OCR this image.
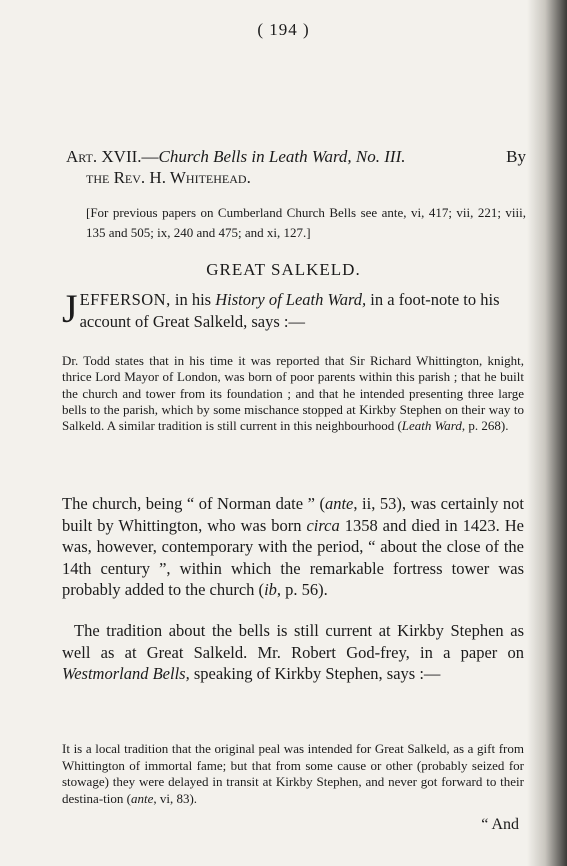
( 194 )
By
Art. XVII.—Church Bells in Leath Ward, No. III.
the Rev. H. Whitehead.
[For previous papers on Cumberland Church Bells see ante, vi, 417; vii, 221; viii, 135 and 505; ix, 240 and 475; and xi, 127.]
GREAT SALKELD.
JEFFERSON, in his History of Leath Ward, in a foot-note to his account of Great Salkeld, says :—
Dr. Todd states that in his time it was reported that Sir Richard Whittington, knight, thrice Lord Mayor of London, was born of poor parents within this parish ; that he built the church and tower from its foundation ; and that he intended presenting three large bells to the parish, which by some mischance stopped at Kirkby Stephen on their way to Salkeld. A similar tradition is still current in this neighbourhood (Leath Ward, p. 268).
The church, being “ of Norman date ” (ante, ii, 53), was certainly not built by Whittington, who was born circa 1358 and died in 1423. He was, however, contemporary with the period, “ about the close of the 14th century ”, within which the remarkable fortress tower was probably added to the church (ib, p. 56).
The tradition about the bells is still current at Kirkby Stephen as well as at Great Salkeld. Mr. Robert God-frey, in a paper on Westmorland Bells, speaking of Kirkby Stephen, says :—
It is a local tradition that the original peal was intended for Great Salkeld, as a gift from Whittington of immortal fame; but that from some cause or other (probably seized for stowage) they were delayed in transit at Kirkby Stephen, and never got forward to their destina-tion (ante, vi, 83).
“ And
